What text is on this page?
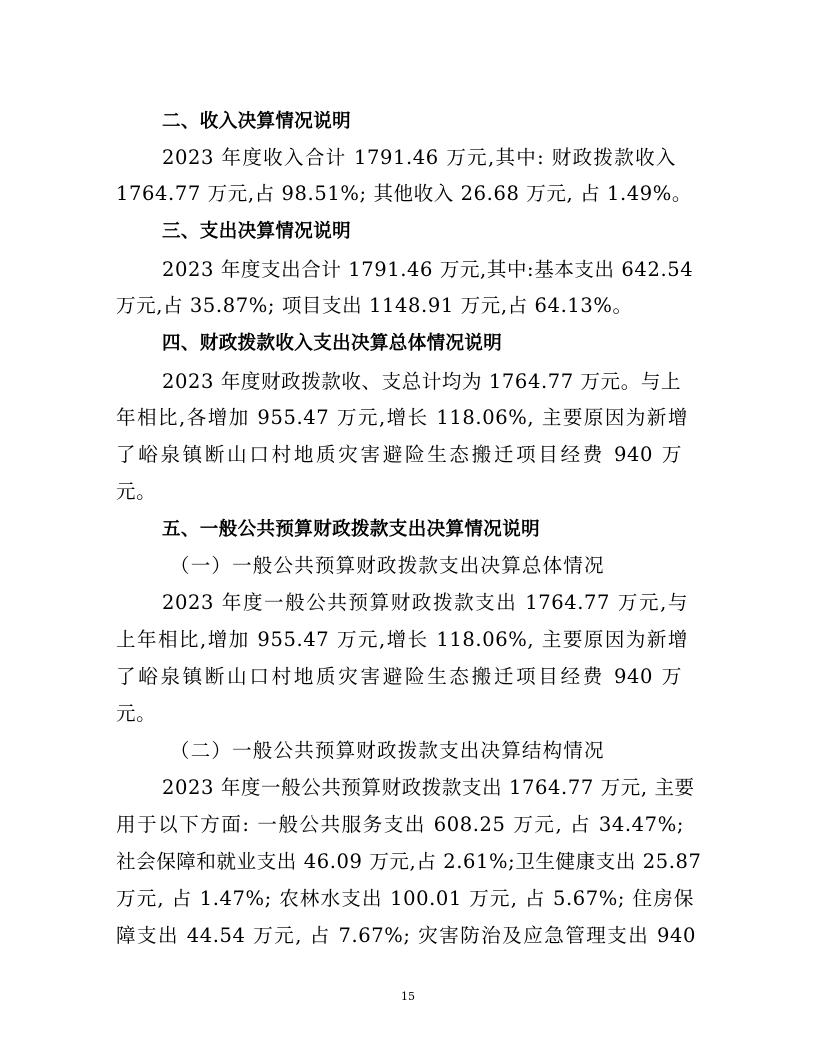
二、收入决算情况说明
2023 年度收入合计 1791.46 万元,其中: 财政拨款收入
1764.77 万元,占 98.51%; 其他收入 26.68 万元, 占 1.49%。
三、支出决算情况说明
2023 年度支出合计 1791.46 万元,其中:基本支出 642.54
万元,占 35.87%; 项目支出 1148.91 万元,占 64.13%。
四、财政拨款收入支出决算总体情况说明
2023 年度财政拨款收、支总计均为 1764.77 万元。与上
年相比,各增加 955.47 万元,增长 118.06%, 主要原因为新增
了峪泉镇断山口村地质灾害避险生态搬迁项目经费 940 万
元。
五、一般公共预算财政拨款支出决算情况说明
（一）一般公共预算财政拨款支出决算总体情况
2023 年度一般公共预算财政拨款支出 1764.77 万元,与
上年相比,增加 955.47 万元,增长 118.06%, 主要原因为新增
了峪泉镇断山口村地质灾害避险生态搬迁项目经费 940 万
元。
（二）一般公共预算财政拨款支出决算结构情况
2023 年度一般公共预算财政拨款支出 1764.77 万元, 主要
用于以下方面: 一般公共服务支出 608.25 万元, 占 34.47%;
社会保障和就业支出 46.09 万元,占 2.61%;卫生健康支出 25.87
万元, 占 1.47%; 农林水支出 100.01 万元, 占 5.67%; 住房保
障支出 44.54 万元, 占 7.67%; 灾害防治及应急管理支出 940
15
